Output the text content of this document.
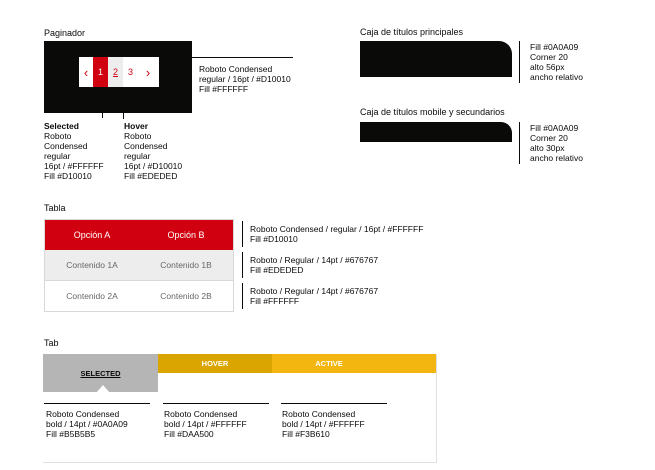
Paginador
‹	1	2	3 ›	Roboto Condensed
regular / 16pt / #D10010
Fill #FFFFFF
Selected
Roboto
Condensed
regular
16pt / #FFFFFF
Fill #D10010
Hover
Roboto
Condensed
regular
16pt / #D10010
Fill #EDEDED
Caja de títulos principales
Fill #0A0A09
Corner 20
alto 56px
ancho relativo
Caja de títulos mobile y secundarios
Fill #0A0A09
Corner 20
alto 30px
ancho relativo
Tabla
Opción A	Opción B
Contenido 1A	Contenido 1B
Contenido 2A	Contenido 2B
Roboto Condensed / regular / 16pt / #FFFFFF
Fill #D10010
Roboto / Regular / 14pt / #676767
Fill #EDEDED
Roboto / Regular / 14pt / #676767
Fill #FFFFFF
Tab
SELECTED
HOVER	ACTIVE
Roboto Condensed
bold / 14pt / #0A0A09
Fill #B5B5B5
Roboto Condensed
bold / 14pt / #FFFFFF
Fill #DAA500
Roboto Condensed
bold / 14pt / #FFFFFF
Fill #F3B610
